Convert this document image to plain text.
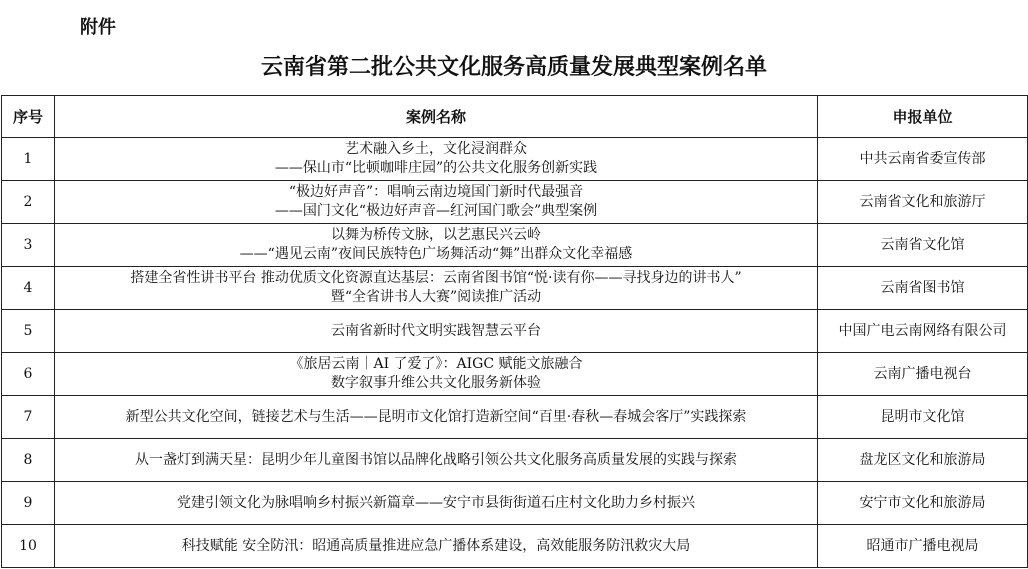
附件
云南省第二批公共文化服务高质量发展典型案例名单
序号	案例名称	申报单位
1	艺术融入乡土，文化浸润群众
——保山市“比顿咖啡庄园”的公共文化服务创新实践	中共云南省委宣传部
2	“极边好声音”：唱响云南边境国门新时代最强音
——国门文化“极边好声音—红河国门歌会”典型案例	云南省文化和旅游厅
3	以舞为桥传文脉，以艺惠民兴云岭
——“遇见云南”夜间民族特色广场舞活动“舞”出群众文化幸福感	云南省文化馆
4	搭建全省性讲书平台 推动优质文化资源直达基层：云南省图书馆“悦·读有你——寻找身边的讲书人”
暨“全省讲书人大赛”阅读推广活动	云南省图书馆
5	云南省新时代文明实践智慧云平台	中国广电云南网络有限公司
6	《旅居云南｜AI 了爱了》：AIGC 赋能文旅融合
数字叙事升维公共文化服务新体验	云南广播电视台
7	新型公共文化空间，链接艺术与生活——昆明市文化馆打造新空间“百里·春秋—春城会客厅”实践探索	昆明市文化馆
8	从一盏灯到满天星：昆明少年儿童图书馆以品牌化战略引领公共文化服务高质量发展的实践与探索	盘龙区文化和旅游局
9	党建引领文化为脉唱响乡村振兴新篇章——安宁市县街街道石庄村文化助力乡村振兴	安宁市文化和旅游局
10	科技赋能 安全防汛：昭通高质量推进应急广播体系建设，高效能服务防汛救灾大局	昭通市广播电视局
